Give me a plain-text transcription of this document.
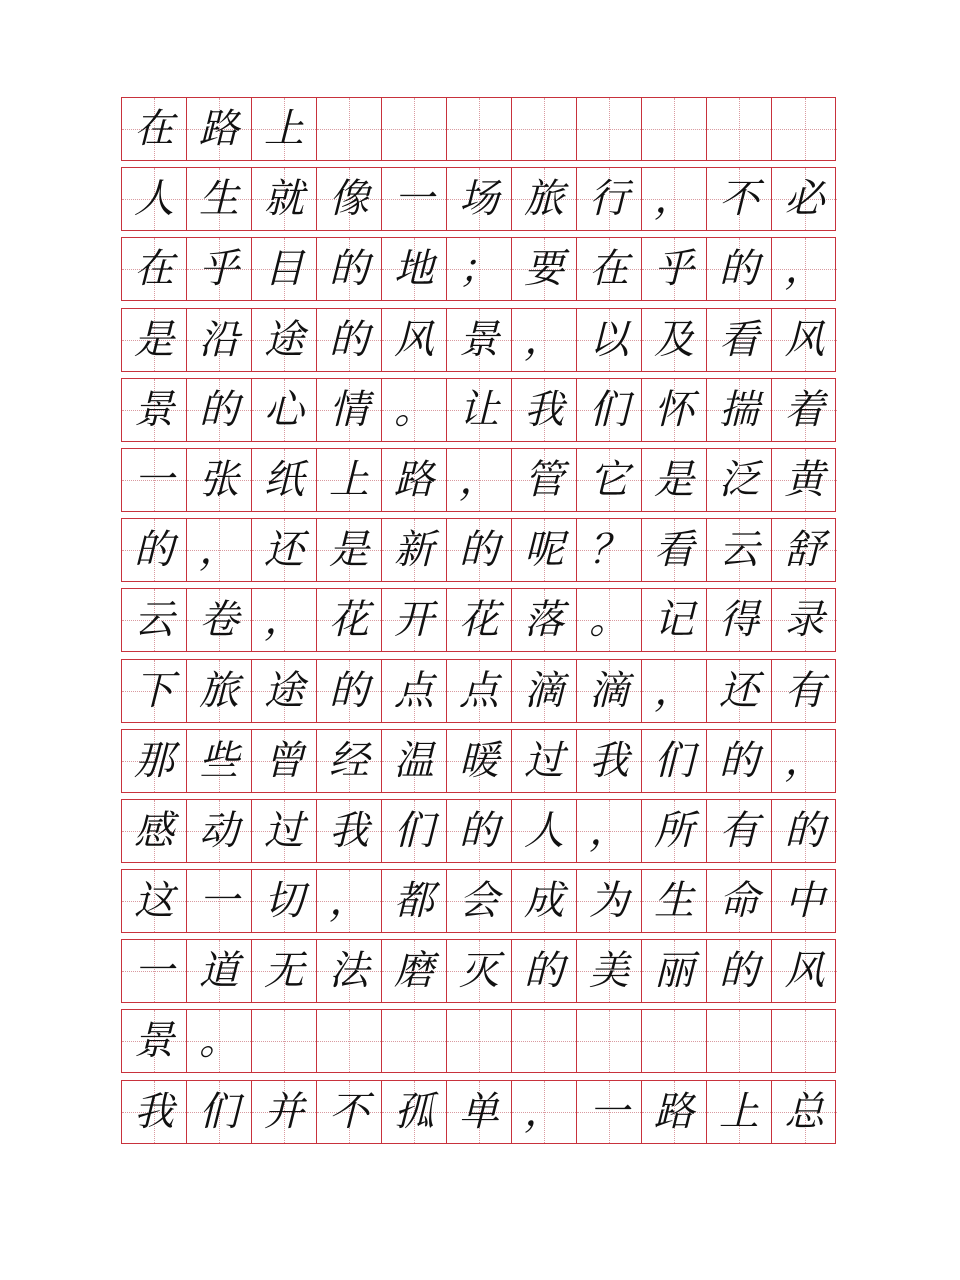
在 路 上
人 生 就 像 一 场 旅 行 ， 不 必
在 乎 目 的 地 ； 要 在 乎 的 ，
是 沿 途 的 风 景 ， 以 及 看 风
景 的 心 情 。 让 我 们 怀 揣 着
一 张 纸 上 路 ， 管 它 是 泛 黄
的 ， 还 是 新 的 呢 ？ 看 云 舒
云 卷 ， 花 开 花 落 。 记 得 录
下 旅 途 的 点 点 滴 滴 ， 还 有
那 些 曾 经 温 暖 过 我 们 的 ，
感 动 过 我 们 的 人 ， 所 有 的
这 一 切 ， 都 会 成 为 生 命 中
一 道 无 法 磨 灭 的 美 丽 的 风
景 。
我 们 并 不 孤 单 ， 一 路 上 总
